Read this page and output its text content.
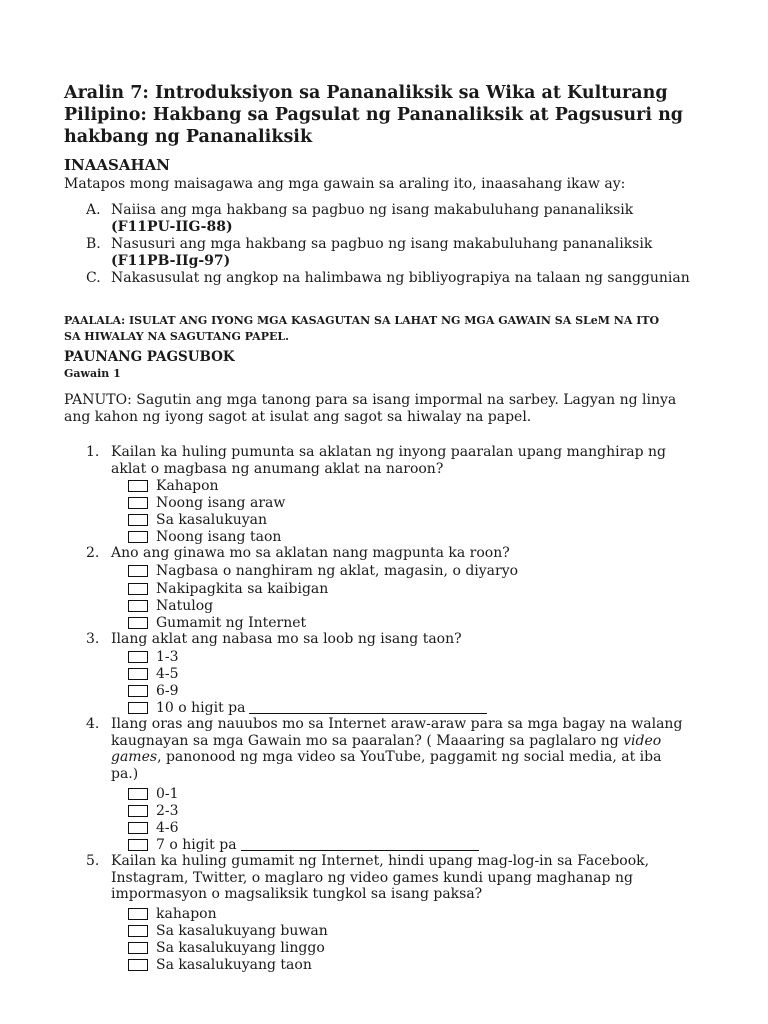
Aralin 7: Introduksiyon sa Pananaliksik sa Wika at Kulturang
Pilipino: Hakbang sa Pagsulat ng Pananaliksik at Pagsusuri ng
hakbang ng Pananaliksik
INAASAHAN
Matapos mong maisagawa ang mga gawain sa araling ito, inaasahang ikaw ay:
A. Naiisa ang mga hakbang sa pagbuo ng isang makabuluhang pananaliksik
(F11PU-IIG-88)
B. Nasusuri ang mga hakbang sa pagbuo ng isang makabuluhang pananaliksik
(F11PB-IIg-97)
C. Nakasusulat ng angkop na halimbawa ng bibliyograpiya na talaan ng sanggunian
PAALALA: ISULAT ANG IYONG MGA KASAGUTAN SA LAHAT NG MGA GAWAIN SA SLeM NA ITO
SA HIWALAY NA SAGUTANG PAPEL.
PAUNANG PAGSUBOK
Gawain 1
PANUTO: Sagutin ang mga tanong para sa isang impormal na sarbey. Lagyan ng linya
ang kahon ng iyong sagot at isulat ang sagot sa hiwalay na papel.
1. Kailan ka huling pumunta sa aklatan ng inyong paaralan upang manghirap ng
aklat o magbasa ng anumang aklat na naroon?
Kahapon
Noong isang araw
Sa kasalukuyan
Noong isang taon
2. Ano ang ginawa mo sa aklatan nang magpunta ka roon?
Nagbasa o nanghiram ng aklat, magasin, o diyaryo
Nakipagkita sa kaibigan
Natulog
Gumamit ng Internet
3. Ilang aklat ang nabasa mo sa loob ng isang taon?
1-3
4-5
6-9
10 o higit pa
4. Ilang oras ang nauubos mo sa Internet araw-araw para sa mga bagay na walang
kaugnayan sa mga Gawain mo sa paaralan? ( Maaaring sa paglalaro ng video
games, panonood ng mga video sa YouTube, paggamit ng social media, at iba
pa.)
0-1
2-3
4-6
7 o higit pa
5. Kailan ka huling gumamit ng Internet, hindi upang mag-log-in sa Facebook,
Instagram, Twitter, o maglaro ng video games kundi upang maghanap ng
impormasyon o magsaliksik tungkol sa isang paksa?
kahapon
Sa kasalukuyang buwan
Sa kasalukuyang linggo
Sa kasalukuyang taon
